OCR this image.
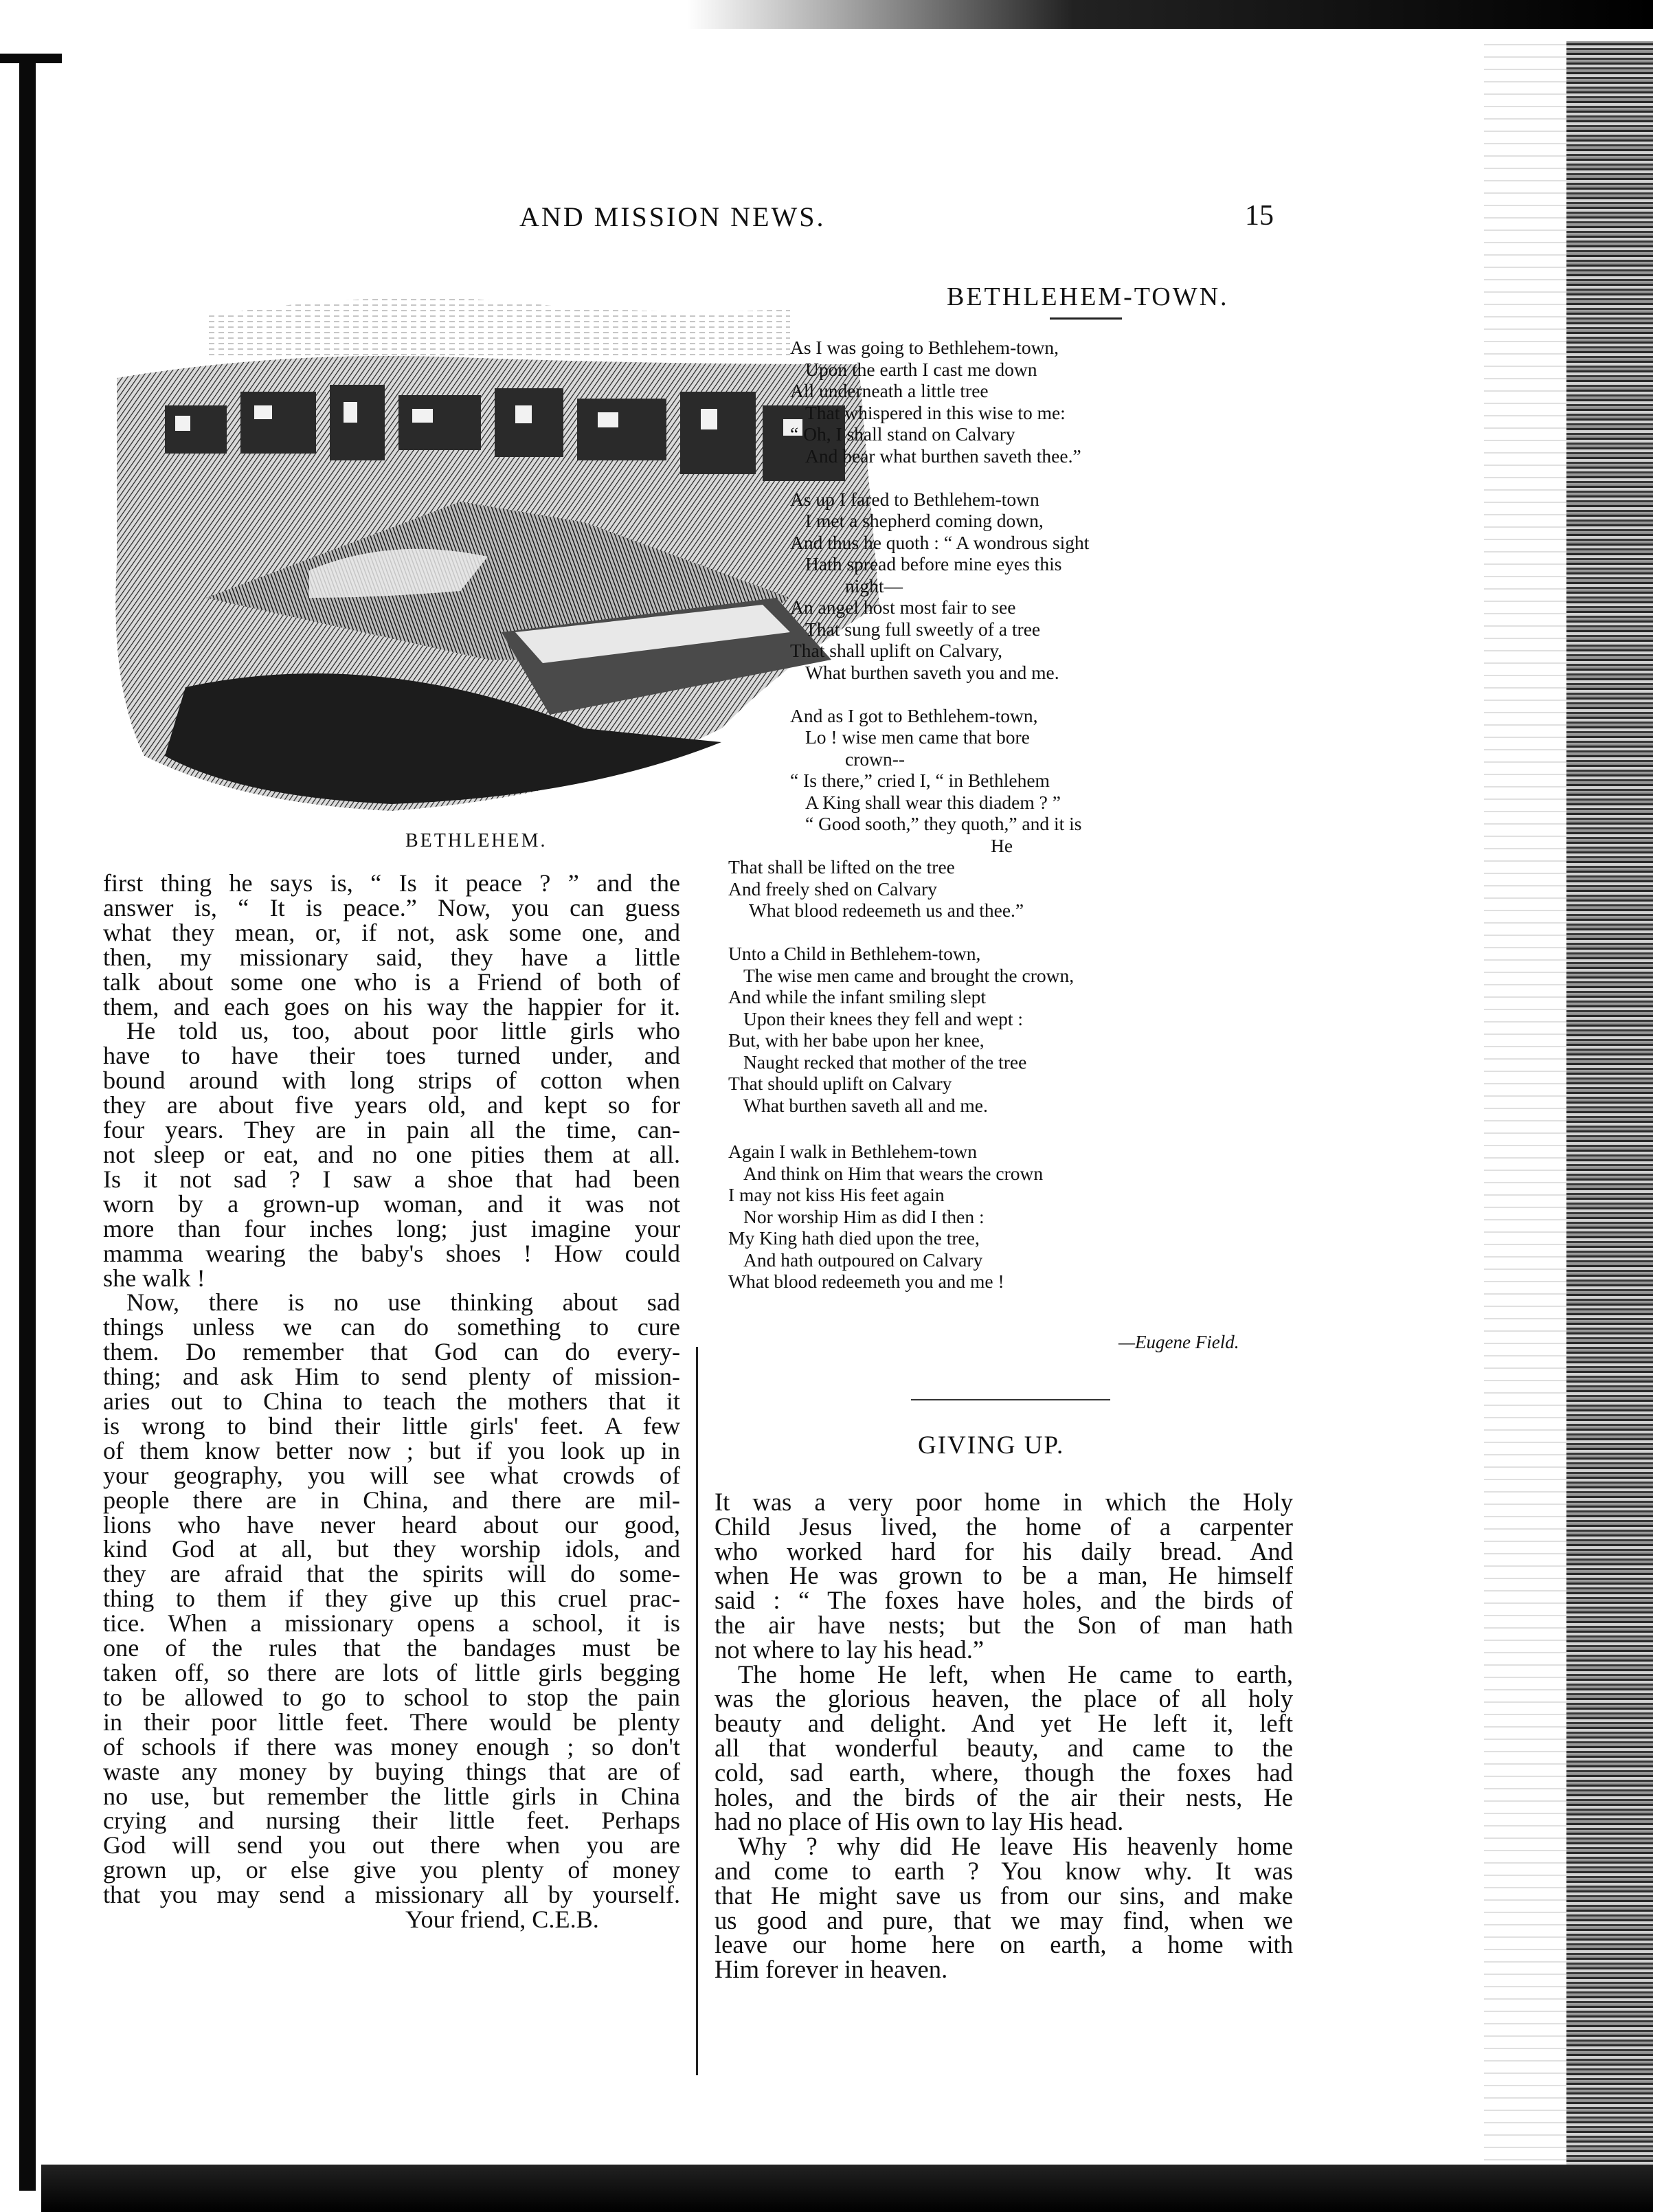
AND MISSION NEWS.	15
BETHLEHEM.
first thing he says is, “ Is it peace ? ” and the
answer is, “ It is peace.” Now, you can guess
what they mean, or, if not, ask some one, and
then, my missionary said, they have a little
talk about some one who is a Friend of both of
them, and each goes on his way the happier for it.
He told us, too, about poor little girls who
have to have their toes turned under, and
bound around with long strips of cotton when
they are about five years old, and kept so for
four years. They are in pain all the time, can-
not sleep or eat, and no one pities them at all.
Is it not sad ? I saw a shoe that had been
worn by a grown-up woman, and it was not
more than four inches long; just imagine your
mamma wearing the baby's shoes ! How could
she walk !
Now, there is no use thinking about sad
things unless we can do something to cure
them. Do remember that God can do every-
thing; and ask Him to send plenty of mission-
aries out to China to teach the mothers that it
is wrong to bind their little girls' feet. A few
of them know better now ; but if you look up in
your geography, you will see what crowds of
people there are in China, and there are mil-
lions who have never heard about our good,
kind God at all, but they worship idols, and
they are afraid that the spirits will do some-
thing to them if they give up this cruel prac-
tice. When a missionary opens a school, it is
one of the rules that the bandages must be
taken off, so there are lots of little girls begging
to be allowed to go to school to stop the pain
in their poor little feet. There would be plenty
of schools if there was money enough ; so don't
waste any money by buying things that are of
no use, but remember the little girls in China
crying and nursing their little feet. Perhaps
God will send you out there when you are
grown up, or else give you plenty of money
that you may send a missionary all by yourself.

Your friend, C.E.B.

BETHLEHEM-TOWN.
As I was going to Bethlehem-town,
Upon the earth I cast me down
All underneath a little tree
That whispered in this wise to me:
“ Oh, I shall stand on Calvary
And bear what burthen saveth thee.”
As up I fared to Bethlehem-town
I met a shepherd coming down,
And thus he quoth : “ A wondrous sight
Hath spread before mine eyes this
night—
An angel host most fair to see
That sung full sweetly of a tree
That shall uplift on Calvary,
What burthen saveth you and me.
And as I got to Bethlehem-town,
Lo ! wise men came that bore
crown--
“ Is there,” cried I, “ in Bethlehem
A King shall wear this diadem ? ”
“ Good sooth,” they quoth,” and it is
He
That shall be lifted on the tree
And freely shed on Calvary
What blood redeemeth us and thee.”
Unto a Child in Bethlehem-town,
The wise men came and brought the crown,
And while the infant smiling slept
Upon their knees they fell and wept :
But, with her babe upon her knee,
Naught recked that mother of the tree
That should uplift on Calvary
What burthen saveth all and me.
Again I walk in Bethlehem-town
And think on Him that wears the crown
I may not kiss His feet again
Nor worship Him as did I then :
My King hath died upon the tree,
And hath outpoured on Calvary
What blood redeemeth you and me !
—Eugene Field.
GIVING UP.
It was a very poor home in which the Holy
Child Jesus lived, the home of a carpenter
who worked hard for his daily bread. And
when He was grown to be a man, He himself
said : “ The foxes have holes, and the birds of
the air have nests; but the Son of man hath
not where to lay his head.”
The home He left, when He came to earth,
was the glorious heaven, the place of all holy
beauty and delight. And yet He left it, left
all that wonderful beauty, and came to the
cold, sad earth, where, though the foxes had
holes, and the birds of the air their nests, He
had no place of His own to lay His head.
Why ? why did He leave His heavenly home
and come to earth ? You know why. It was
that He might save us from our sins, and make
us good and pure, that we may find, when we
leave our home here on earth, a home with
Him forever in heaven.
